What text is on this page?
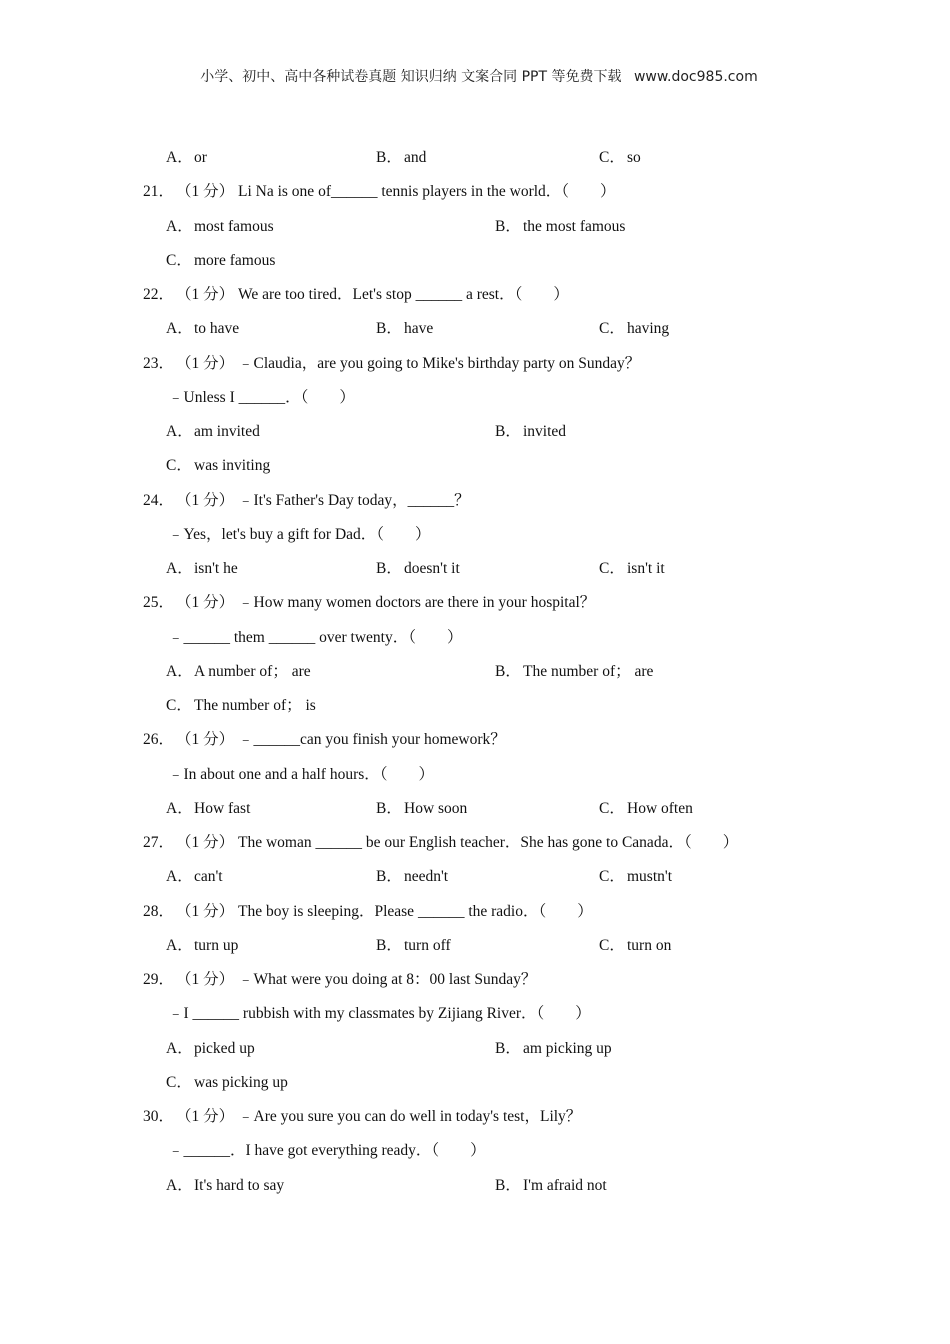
小学、初中、高中各种试卷真题 知识归纳 文案合同 PPT 等免费下载 www.doc985.com
A． or	B． and	C． so
21． （1 分） Li Na is one of______ tennis players in the world．（　　）
A． most famous	B． the most famous
C． more famous
22． （1 分） We are too tired．Let's stop ______ a rest．（　　）
A． to have	B． have	C． having
23． （1 分） ﹣Claudia，are you going to Mike's birthday party on Sunday？
﹣Unless I ______．（　　）
A． am invited	B． invited
C． was inviting
24． （1 分） ﹣It's Father's Day today，______？
﹣Yes，let's buy a gift for Dad．（　　）
A． isn't he	B． doesn't it	C． isn't it
25． （1 分） ﹣How many women doctors are there in your hospital？
﹣______ them ______ over twenty．（　　）
A． A number of； are	B． The number of； are
C． The number of； is
26． （1 分） ﹣______can you finish your homework？
﹣In about one and a half hours．（　　）
A． How fast	B． How soon	C． How often
27． （1 分） The woman ______ be our English teacher．She has gone to Canada．（　　）
A． can't	B． needn't	C． mustn't
28． （1 分） The boy is sleeping．Please ______ the radio．（　　）
A． turn up	B． turn off	C． turn on
29． （1 分） ﹣What were you doing at 8：00 last Sunday？
﹣I ______ rubbish with my classmates by Zijiang River．（　　）
A． picked up	B． am picking up
C． was picking up
30． （1 分） ﹣Are you sure you can do well in today's test，Lily？
﹣______．I have got everything ready．（　　）
A． It's hard to say	B． I'm afraid not
